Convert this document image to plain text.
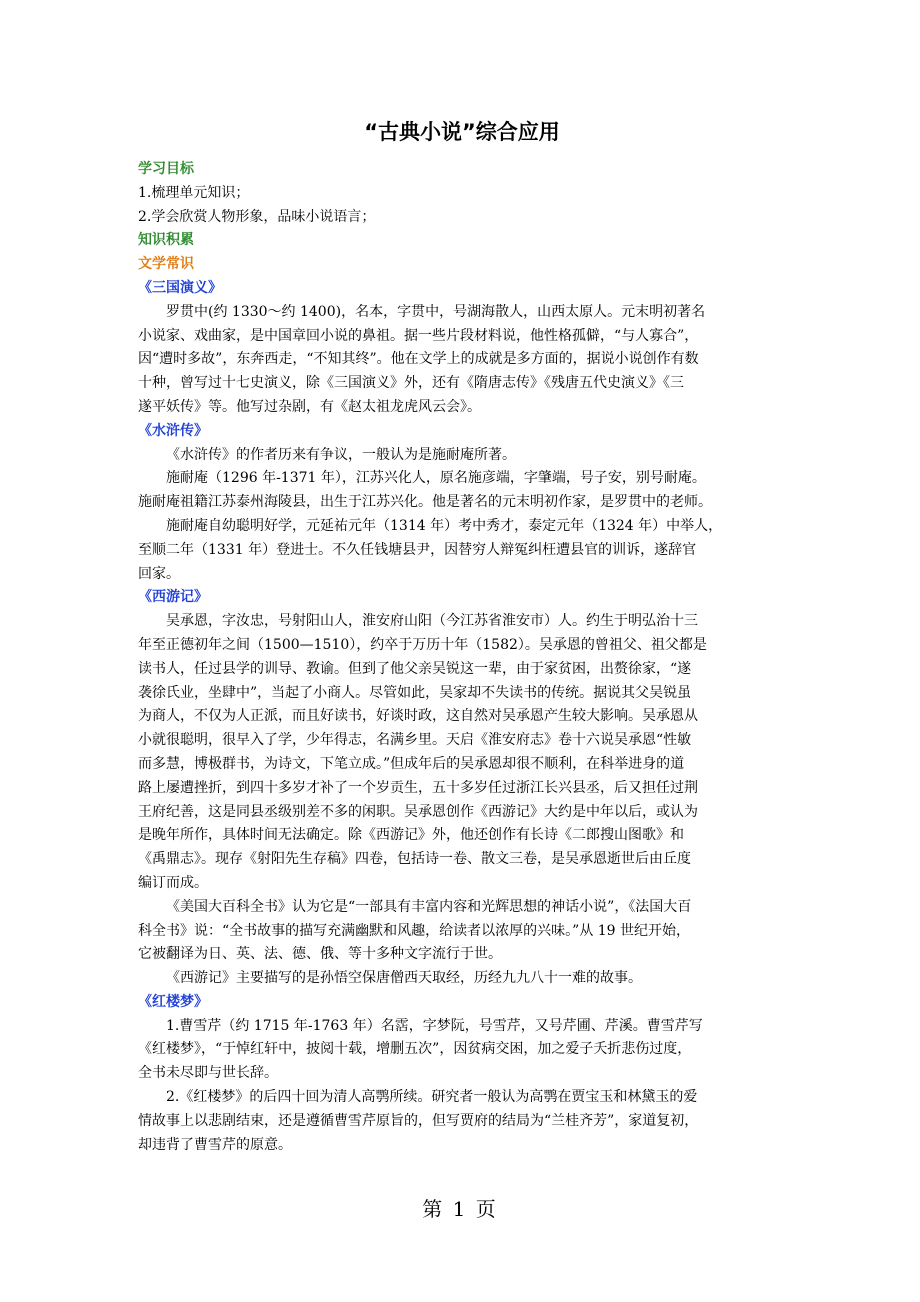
“古典小说”综合应用
学习目标
1.梳理单元知识；
2.学会欣赏人物形象，品味小说语言；
知识积累
文学常识
《三国演义》

罗贯中(约 1330～约 1400)，名本，字贯中，号湖海散人，山西太原人。元末明初著名
小说家、戏曲家，是中国章回小说的鼻祖。据一些片段材料说，他性格孤僻，“与人寡合”，
因“遭时多故”，东奔西走，“不知其终”。他在文学上的成就是多方面的，据说小说创作有数
十种，曾写过十七史演义，除《三国演义》外，还有《隋唐志传》《残唐五代史演义》《三
遂平妖传》等。他写过杂剧，有《赵太祖龙虎风云会》。

《水浒传》

《水浒传》的作者历来有争议，一般认为是施耐庵所著。

施耐庵（1296 年-1371 年），江苏兴化人，原名施彦端，字肇端，号子安，别号耐庵。
施耐庵祖籍江苏泰州海陵县，出生于江苏兴化。他是著名的元末明初作家，是罗贯中的老师。

施耐庵自幼聪明好学，元延祐元年（1314 年）考中秀才，泰定元年（1324 年）中举人，
至顺二年（1331 年）登进士。不久任钱塘县尹，因替穷人辩冤纠枉遭县官的训诉，遂辞官
回家。

《西游记》

吴承恩，字汝忠，号射阳山人，淮安府山阳（今江苏省淮安市）人。约生于明弘治十三
年至正德初年之间（1500—1510），约卒于万历十年（1582）。吴承恩的曾祖父、祖父都是
读书人，任过县学的训导、教谕。但到了他父亲吴锐这一辈，由于家贫困，出赘徐家，“遂
袭徐氏业，坐肆中”，当起了小商人。尽管如此，吴家却不失读书的传统。据说其父吴锐虽
为商人，不仅为人正派，而且好读书，好谈时政，这自然对吴承恩产生较大影响。吴承恩从
小就很聪明，很早入了学，少年得志，名满乡里。天启《淮安府志》卷十六说吴承恩“性敏
而多慧，博极群书，为诗文，下笔立成。”但成年后的吴承恩却很不顺利，在科举进身的道
路上屡遭挫折，到四十多岁才补了一个岁贡生，五十多岁任过浙江长兴县丞，后又担任过荆
王府纪善，这是同县丞级别差不多的闲职。吴承恩创作《西游记》大约是中年以后，或认为
是晚年所作，具体时间无法确定。除《西游记》外，他还创作有长诗《二郎搜山图歌》和
《禹鼎志》。现存《射阳先生存稿》四卷，包括诗一卷、散文三卷，是吴承恩逝世后由丘度
编订而成。

《美国大百科全书》认为它是“一部具有丰富内容和光辉思想的神话小说”，《法国大百
科全书》说：“全书故事的描写充满幽默和风趣，给读者以浓厚的兴味。”从 19 世纪开始，
它被翻译为日、英、法、德、俄、等十多种文字流行于世。

《西游记》主要描写的是孙悟空保唐僧西天取经，历经九九八十一难的故事。

《红楼梦》

1.曹雪芹（约 1715 年-1763 年）名霑，字梦阮，号雪芹，又号芹圃、芹溪。曹雪芹写
《红楼梦》，“于悼红轩中，披阅十载，增删五次”，因贫病交困，加之爱子夭折悲伤过度，
全书未尽即与世长辞。

2.《红楼梦》的后四十回为清人高鹗所续。研究者一般认为高鹗在贾宝玉和林黛玉的爱
情故事上以悲剧结束，还是遵循曹雪芹原旨的，但写贾府的结局为“兰桂齐芳”，家道复初，
却违背了曹雪芹的原意。

第 1 页
